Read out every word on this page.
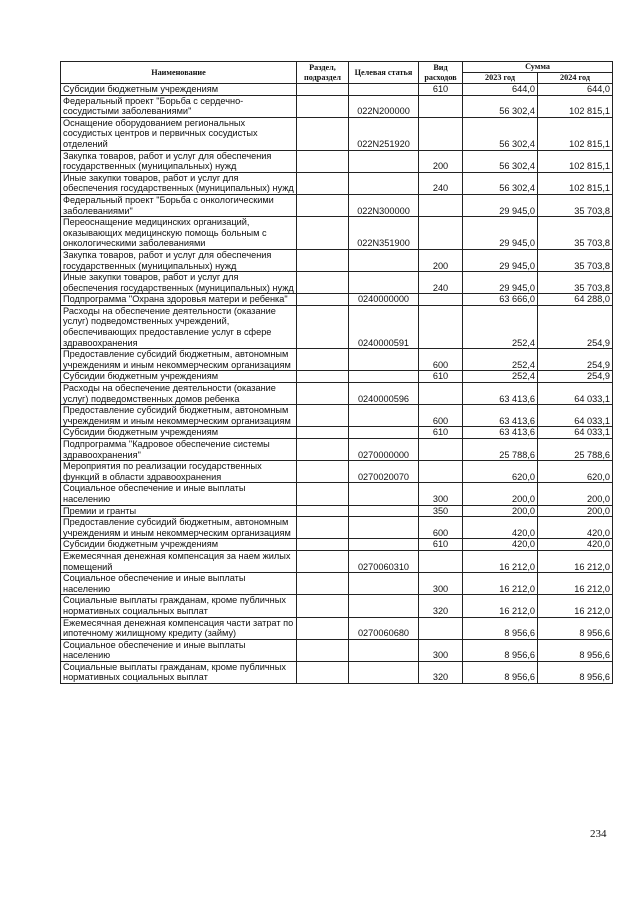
Наименование	Раздел, подраздел	Целевая статья	Вид расходов	Сумма	
				2023 год	2024 год
Субсидии бюджетным учреждениям			610	644,0	644,0
Федеральный проект "Борьба с сердечно-сосудистыми заболеваниями"		022N200000		56 302,4	102 815,1
Оснащение оборудованием региональных сосудистых центров и первичных сосудистых отделений		022N251920		56 302,4	102 815,1
Закупка товаров, работ и услуг для обеспечения государственных (муниципальных) нужд			200	56 302,4	102 815,1
Иные закупки товаров, работ и услуг для обеспечения государственных (муниципальных) нужд			240	56 302,4	102 815,1
Федеральный проект "Борьба с онкологическими заболеваниями"		022N300000		29 945,0	35 703,8
Переоснащение медицинских организаций, оказывающих медицинскую помощь больным с онкологическими заболеваниями		022N351900		29 945,0	35 703,8
Закупка товаров, работ и услуг для обеспечения государственных (муниципальных) нужд			200	29 945,0	35 703,8
Иные закупки товаров, работ и услуг для обеспечения государственных (муниципальных) нужд			240	29 945,0	35 703,8
Подпрограмма "Охрана здоровья матери и ребенка"		0240000000		63 666,0	64 288,0
Расходы на обеспечение деятельности (оказание услуг) подведомственных учреждений, обеспечивающих предоставление услуг в сфере здравоохранения		0240000591		252,4	254,9
Предоставление субсидий бюджетным, автономным учреждениям и иным некоммерческим организациям			600	252,4	254,9
Субсидии бюджетным учреждениям			610	252,4	254,9
Расходы на обеспечение деятельности (оказание услуг) подведомственных домов ребенка		0240000596		63 413,6	64 033,1
Предоставление субсидий бюджетным, автономным учреждениям и иным некоммерческим организациям			600	63 413,6	64 033,1
Субсидии бюджетным учреждениям			610	63 413,6	64 033,1
Подпрограмма "Кадровое обеспечение системы здравоохранения"		0270000000		25 788,6	25 788,6
Мероприятия по реализации государственных функций в области здравоохранения		0270020070		620,0	620,0
Социальное обеспечение и иные выплаты населению			300	200,0	200,0
Премии и гранты			350	200,0	200,0
Предоставление субсидий бюджетным, автономным учреждениям и иным некоммерческим организациям			600	420,0	420,0
Субсидии бюджетным учреждениям			610	420,0	420,0
Ежемесячная денежная компенсация за наем жилых помещений		0270060310		16 212,0	16 212,0
Социальное обеспечение и иные выплаты населению			300	16 212,0	16 212,0
Социальные выплаты гражданам, кроме публичных нормативных социальных выплат			320	16 212,0	16 212,0
Ежемесячная денежная компенсация части затрат по ипотечному жилищному кредиту (займу)		0270060680		8 956,6	8 956,6
Социальное обеспечение и иные выплаты населению			300	8 956,6	8 956,6
Социальные выплаты гражданам, кроме публичных нормативных социальных выплат			320	8 956,6	8 956,6
234
